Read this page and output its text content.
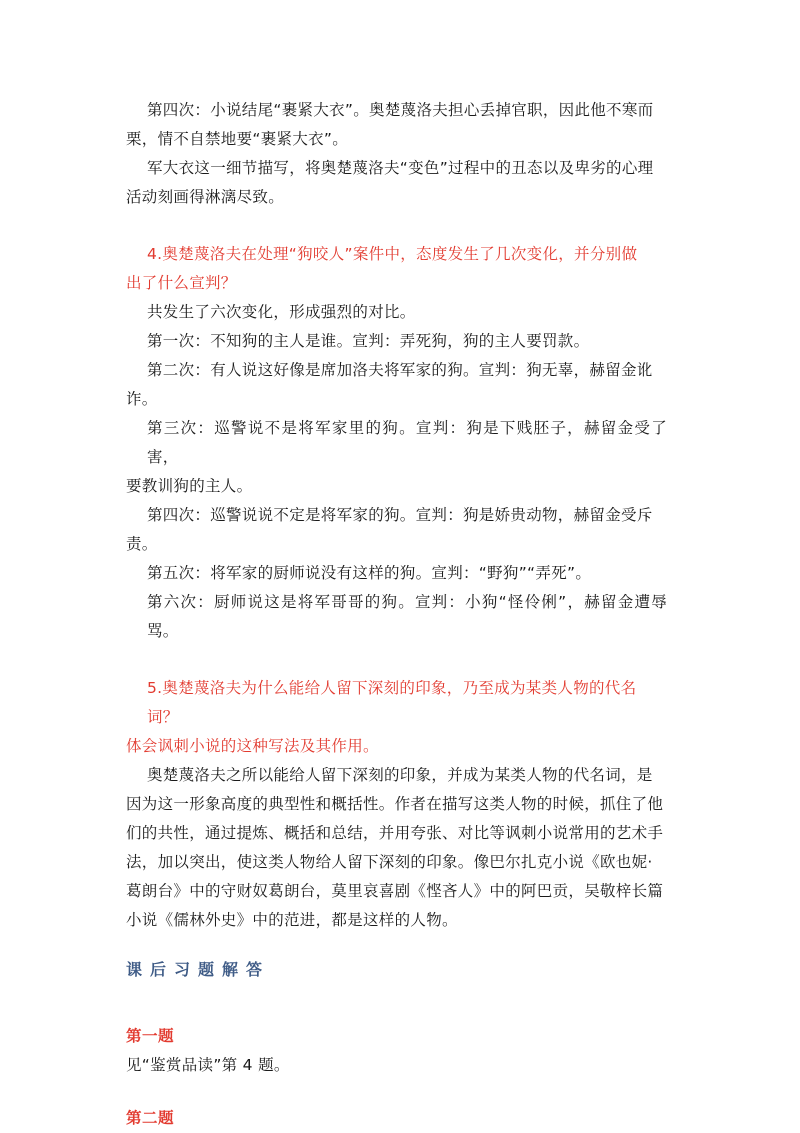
第四次：小说结尾“裹紧大衣”。奥楚蔑洛夫担心丢掉官职，因此他不寒而

栗，情不自禁地要“裹紧大衣”。

军大衣这一细节描写，将奥楚蔑洛夫“变色”过程中的丑态以及卑劣的心理

活动刻画得淋漓尽致。

4.奥楚蔑洛夫在处理“狗咬人”案件中，态度发生了几次变化，并分别做

出了什么宣判？

共发生了六次变化，形成强烈的对比。

第一次：不知狗的主人是谁。宣判：弄死狗，狗的主人要罚款。

第二次：有人说这好像是席加洛夫将军家的狗。宣判：狗无辜，赫留金讹

诈。

第三次：巡警说不是将军家里的狗。宣判：狗是下贱胚子，赫留金受了害，

要教训狗的主人。

第四次：巡警说说不定是将军家的狗。宣判：狗是娇贵动物，赫留金受斥

责。

第五次：将军家的厨师说没有这样的狗。宣判：“野狗”“弄死”。

第六次：厨师说这是将军哥哥的狗。宣判：小狗“怪伶俐”，赫留金遭辱骂。

5.奥楚蔑洛夫为什么能给人留下深刻的印象，乃至成为某类人物的代名词？

体会讽刺小说的这种写法及其作用。

奥楚蔑洛夫之所以能给人留下深刻的印象，并成为某类人物的代名词，是

因为这一形象高度的典型性和概括性。作者在描写这类人物的时候，抓住了他

们的共性，通过提炼、概括和总结，并用夸张、对比等讽刺小说常用的艺术手

法，加以突出，使这类人物给人留下深刻的印象。像巴尔扎克小说《欧也妮·

葛朗台》中的守财奴葛朗台，莫里哀喜剧《悭吝人》中的阿巴贡，吴敬梓长篇

小说《儒林外史》中的范进，都是这样的人物。

课后习题解答

第一题

见“鉴赏品读”第 4 题。

第二题
